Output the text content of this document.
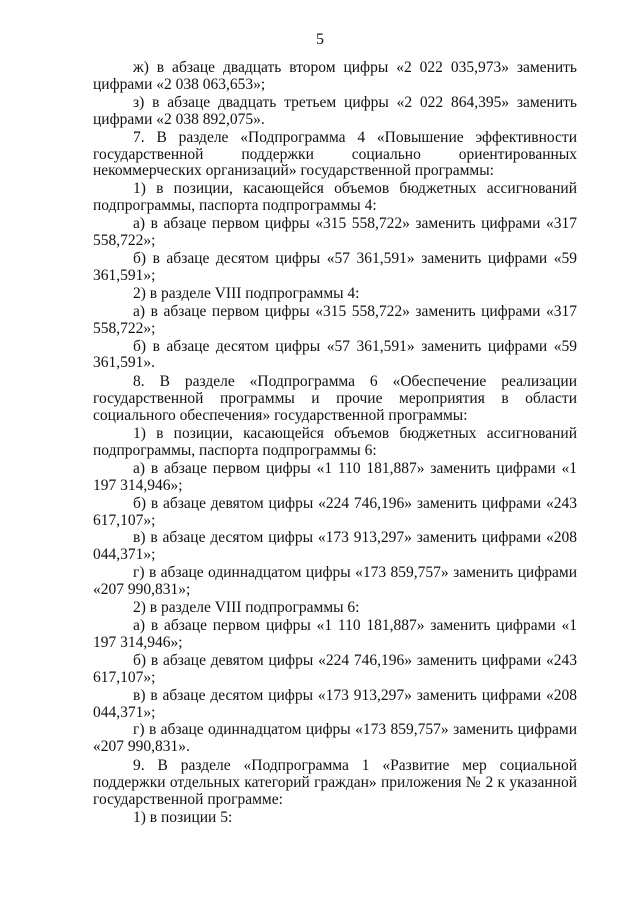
5

ж) в абзаце двадцать втором цифры «2 022 035,973» заменить цифрами «2 038 063,653»;

з) в абзаце двадцать третьем цифры «2 022 864,395» заменить цифрами «2 038 892,075».

7. В разделе «Подпрограмма 4 «Повышение эффективности государственной поддержки социально ориентированных некоммерческих организаций» государственной программы:

1) в позиции, касающейся объемов бюджетных ассигнований подпрограммы, паспорта подпрограммы 4:

а) в абзаце первом цифры «315 558,722» заменить цифрами «317 558,722»;

б) в абзаце десятом цифры «57 361,591» заменить цифрами «59 361,591»;

2) в разделе VIII подпрограммы 4:

а) в абзаце первом цифры «315 558,722» заменить цифрами «317 558,722»;

б) в абзаце десятом цифры «57 361,591» заменить цифрами «59 361,591».

8. В разделе «Подпрограмма 6 «Обеспечение реализации государственной программы и прочие мероприятия в области социального обеспечения» государственной программы:

1) в позиции, касающейся объемов бюджетных ассигнований подпрограммы, паспорта подпрограммы 6:

а) в абзаце первом цифры «1 110 181,887» заменить цифрами «1 197 314,946»;

б) в абзаце девятом цифры «224 746,196» заменить цифрами «243 617,107»;

в) в абзаце десятом цифры «173 913,297» заменить цифрами «208 044,371»;

г) в абзаце одиннадцатом цифры «173 859,757» заменить цифрами «207 990,831»;

2) в разделе VIII подпрограммы 6:

а) в абзаце первом цифры «1 110 181,887» заменить цифрами «1 197 314,946»;

б) в абзаце девятом цифры «224 746,196» заменить цифрами «243 617,107»;

в) в абзаце десятом цифры «173 913,297» заменить цифрами «208 044,371»;

г) в абзаце одиннадцатом цифры «173 859,757» заменить цифрами «207 990,831».

9. В разделе «Подпрограмма 1 «Развитие мер социальной поддержки отдельных категорий граждан» приложения № 2 к указанной государственной программе:

1) в позиции 5:
